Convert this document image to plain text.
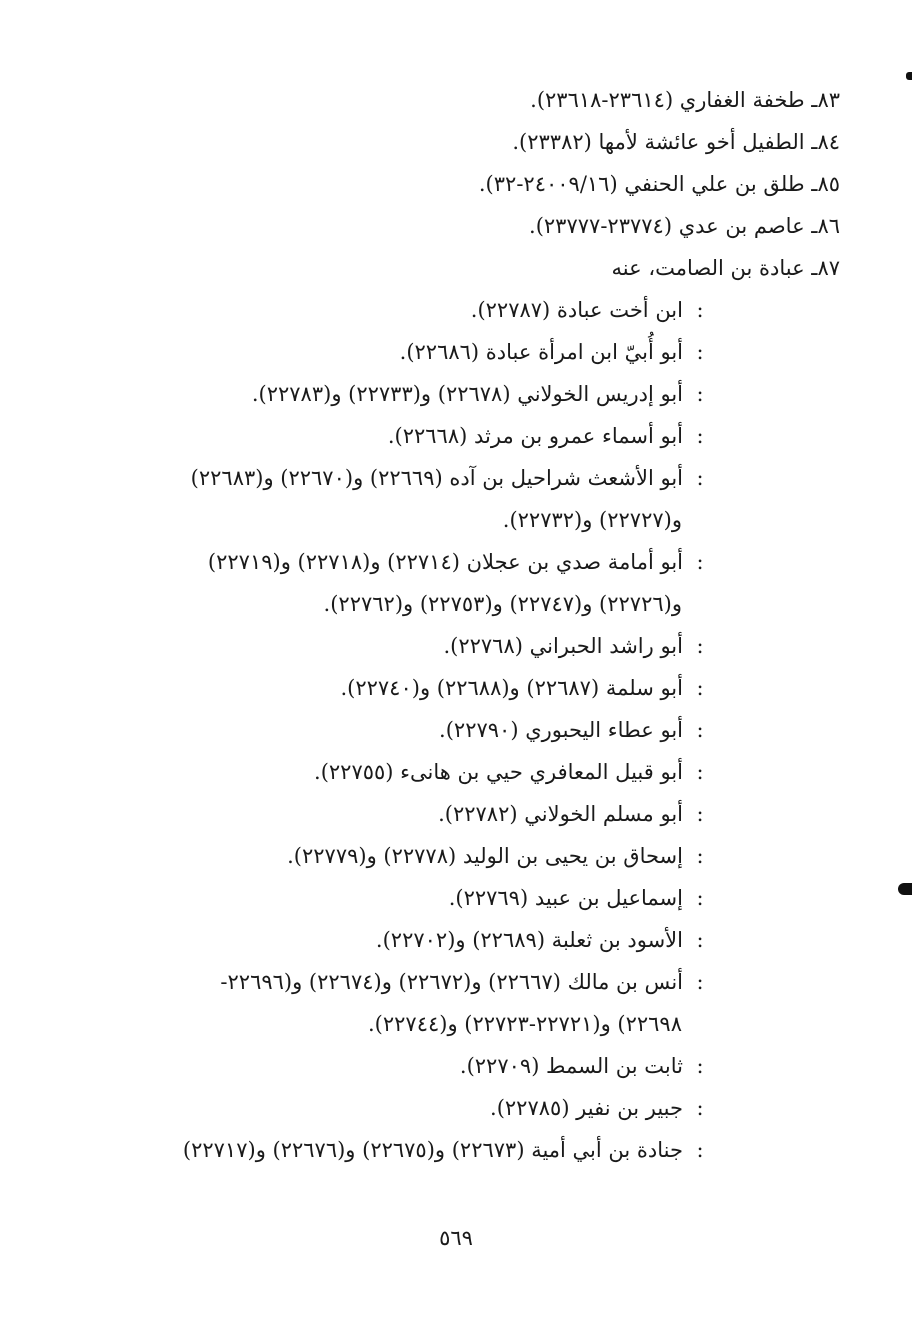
٨٣ـ طخفة الغفاري (٢٣٦١٤-٢٣٦١٨).

٨٤ـ الطفيل أخو عائشة لأمها (٢٣٣٨٢).

٨٥ـ طلق بن علي الحنفي (٢٤٠٠٩/١٦-٣٢).

٨٦ـ عاصم بن عدي (٢٣٧٧٤-٢٣٧٧٧).

٨٧ـ عبادة بن الصامت، عنه

:ابن أخت عبادة (٢٢٧٨٧).

:أبو أُبيّ ابن امرأة عبادة (٢٢٦٨٦).

:أبو إدريس الخولاني (٢٢٦٧٨) و(٢٢٧٣٣) و(٢٢٧٨٣).

:أبو أسماء عمرو بن مرثد (٢٢٦٦٨).

:أبو الأشعث شراحيل بن آده (٢٢٦٦٩) و(٢٢٦٧٠) و(٢٢٦٨٣)

و(٢٢٧٢٧) و(٢٢٧٣٢).

:أبو أمامة صدي بن عجلان (٢٢٧١٤) و(٢٢٧١٨) و(٢٢٧١٩)

و(٢٢٧٢٦) و(٢٢٧٤٧) و(٢٢٧٥٣) و(٢٢٧٦٢).

:أبو راشد الحبراني (٢٢٧٦٨).

:أبو سلمة (٢٢٦٨٧) و(٢٢٦٨٨) و(٢٢٧٤٠).

:أبو عطاء اليحبوري (٢٢٧٩٠).

:أبو قبيل المعافري حيي بن هانىء (٢٢٧٥٥).

:أبو مسلم الخولاني (٢٢٧٨٢).

:إسحاق بن يحيى بن الوليد (٢٢٧٧٨) و(٢٢٧٧٩).

:إسماعيل بن عبيد (٢٢٧٦٩).

:الأسود بن ثعلبة (٢٢٦٨٩) و(٢٢٧٠٢).

:أنس بن مالك (٢٢٦٦٧) و(٢٢٦٧٢) و(٢٢٦٧٤) و(٢٢٦٩٦-

٢٢٦٩٨) و(٢٢٧٢١-٢٢٧٢٣) و(٢٢٧٤٤).

:ثابت بن السمط (٢٢٧٠٩).

:جبير بن نفير (٢٢٧٨٥).

:جنادة بن أبي أمية (٢٢٦٧٣) و(٢٢٦٧٥) و(٢٢٦٧٦) و(٢٢٧١٧)

٥٦٩
